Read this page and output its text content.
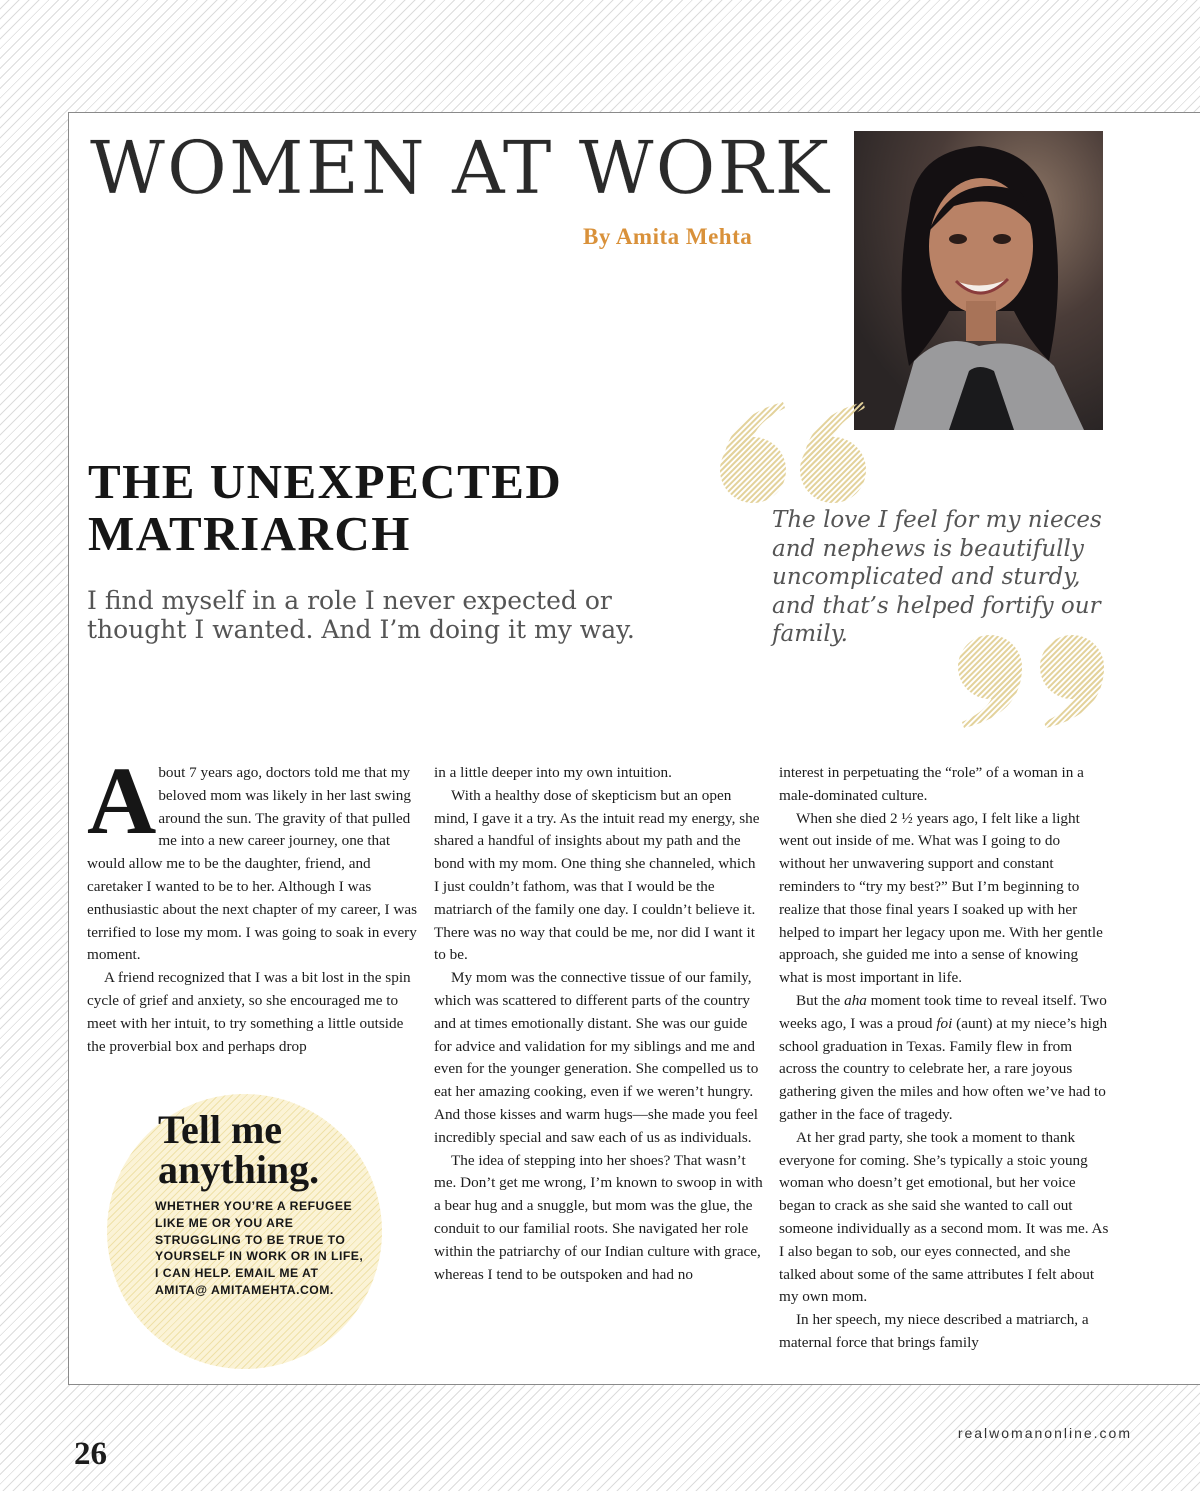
WOMEN AT WORK
By Amita Mehta
THE UNEXPECTED MATRIARCH

I find myself in a role I never expected or thought I wanted. And I’m doing it my way.

The love I feel for my nieces and nephews is beautifully uncomplicated and sturdy, and that’s helped fortify our family.

About 7 years ago, doctors told me that my beloved mom was likely in her last swing around the sun. The gravity of that pulled me into a new career journey, one that would allow me to be the daughter, friend, and caretaker I wanted to be to her. Although I was enthusiastic about the next chapter of my career, I was terrified to lose my mom. I was going to soak in every moment.

A friend recognized that I was a bit lost in the spin cycle of grief and anxiety, so she encouraged me to meet with her intuit, to try something a little outside the proverbial box and perhaps drop

in a little deeper into my own intuition.

With a healthy dose of skepticism but an open mind, I gave it a try. As the intuit read my energy, she shared a handful of insights about my path and the bond with my mom. One thing she channeled, which I just couldn’t fathom, was that I would be the matriarch of the family one day. I couldn’t believe it. There was no way that could be me, nor did I want it to be.

My mom was the connective tissue of our family, which was scattered to different parts of the country and at times emotionally distant. She was our guide for advice and validation for my siblings and me and even for the younger generation. She compelled us to eat her amazing cooking, even if we weren’t hungry. And those kisses and warm hugs—she made you feel incredibly special and saw each of us as individuals.

The idea of stepping into her shoes? That wasn’t me. Don’t get me wrong, I’m known to swoop in with a bear hug and a snuggle, but mom was the glue, the conduit to our familial roots. She navigated her role within the patriarchy of our Indian culture with grace, whereas I tend to be outspoken and had no

interest in perpetuating the “role” of a woman in a male-dominated culture.

When she died 2 ½ years ago, I felt like a light went out inside of me. What was I going to do without her unwavering support and constant reminders to “try my best?” But I’m beginning to realize that those final years I soaked up with her helped to impart her legacy upon me. With her gentle approach, she guided me into a sense of knowing what is most important in life.

But the aha moment took time to reveal itself. Two weeks ago, I was a proud foi (aunt) at my niece’s high school graduation in Texas. Family flew in from across the country to celebrate her, a rare joyous gathering given the miles and how often we’ve had to gather in the face of tragedy.

At her grad party, she took a moment to thank everyone for coming. She’s typically a stoic young woman who doesn’t get emotional, but her voice began to crack as she said she wanted to call out someone individually as a second mom. It was me. As I also began to sob, our eyes connected, and she talked about some of the same attributes I felt about my own mom.

In her speech, my niece described a matriarch, a maternal force that brings family

Tell me
anything.

WHETHER YOU’RE A REFUGEE LIKE ME OR YOU ARE STRUGGLING TO BE TRUE TO YOURSELF IN WORK OR IN LIFE, I CAN HELP. EMAIL ME AT AMITA@ AMITAMEHTA.COM.

26
realwomanonline.com
